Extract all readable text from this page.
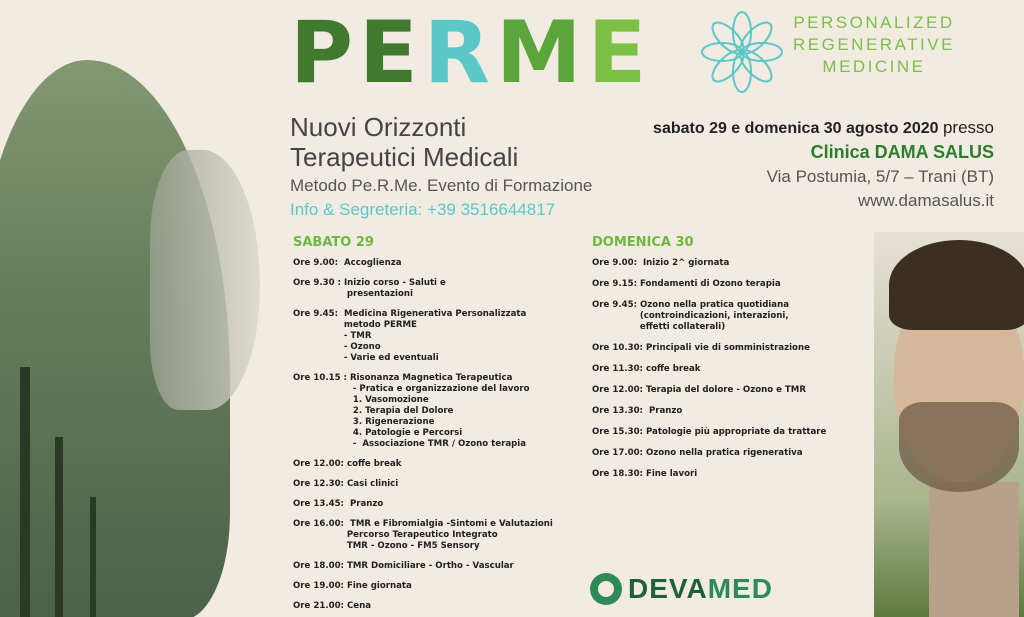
PERME	PERSONALIZED
REGENERATIVE
MEDICINE
Nuovi Orizzonti
Terapeutici Medicali
Metodo Pe.R.Me. Evento di Formazione
Info & Segreteria: +39 3516644817
sabato 29 e domenica 30 agosto 2020 presso
Clinica DAMA SALUS
Via Postumia, 5/7 – Trani (BT)
www.damasalus.it
SABATO 29
Ore 9.00:  Accoglienza
Ore 9.30 : Inizio corso - Saluti e
presentazioni
Ore 9.45:  Medicina Rigenerativa Personalizzata
metodo PERME
- TMR
- Ozono
- Varie ed eventuali
Ore 10.15 : Risonanza Magnetica Terapeutica
- Pratica e organizzazione del lavoro
1. Vasomozione
2. Terapia del Dolore
3. Rigenerazione
4. Patologie e Percorsi
-  Associazione TMR / Ozono terapia
Ore 12.00: coffe break
Ore 12.30: Casi clinici
Ore 13.45:  Pranzo
Ore 16.00:  TMR e Fibromialgia -Sintomi e Valutazioni
Percorso Terapeutico Integrato
TMR - Ozono - FM5 Sensory
Ore 18.00: TMR Domiciliare - Ortho - Vascular
Ore 19.00: Fine giornata
Ore 21.00: Cena
DOMENICA 30
Ore 9.00:  Inizio 2^ giornata
Ore 9.15: Fondamenti di Ozono terapia
Ore 9.45: Ozono nella pratica quotidiana
(controindicazioni, interazioni,
effetti collaterali)
Ore 10.30: Principali vie di somministrazione
Ore 11.30: coffe break
Ore 12.00: Terapia del dolore - Ozono e TMR
Ore 13.30:  Pranzo
Ore 15.30: Patologie più appropriate da trattare
Ore 17.00: Ozono nella pratica rigenerativa
Ore 18.30: Fine lavori
DEVAMED
